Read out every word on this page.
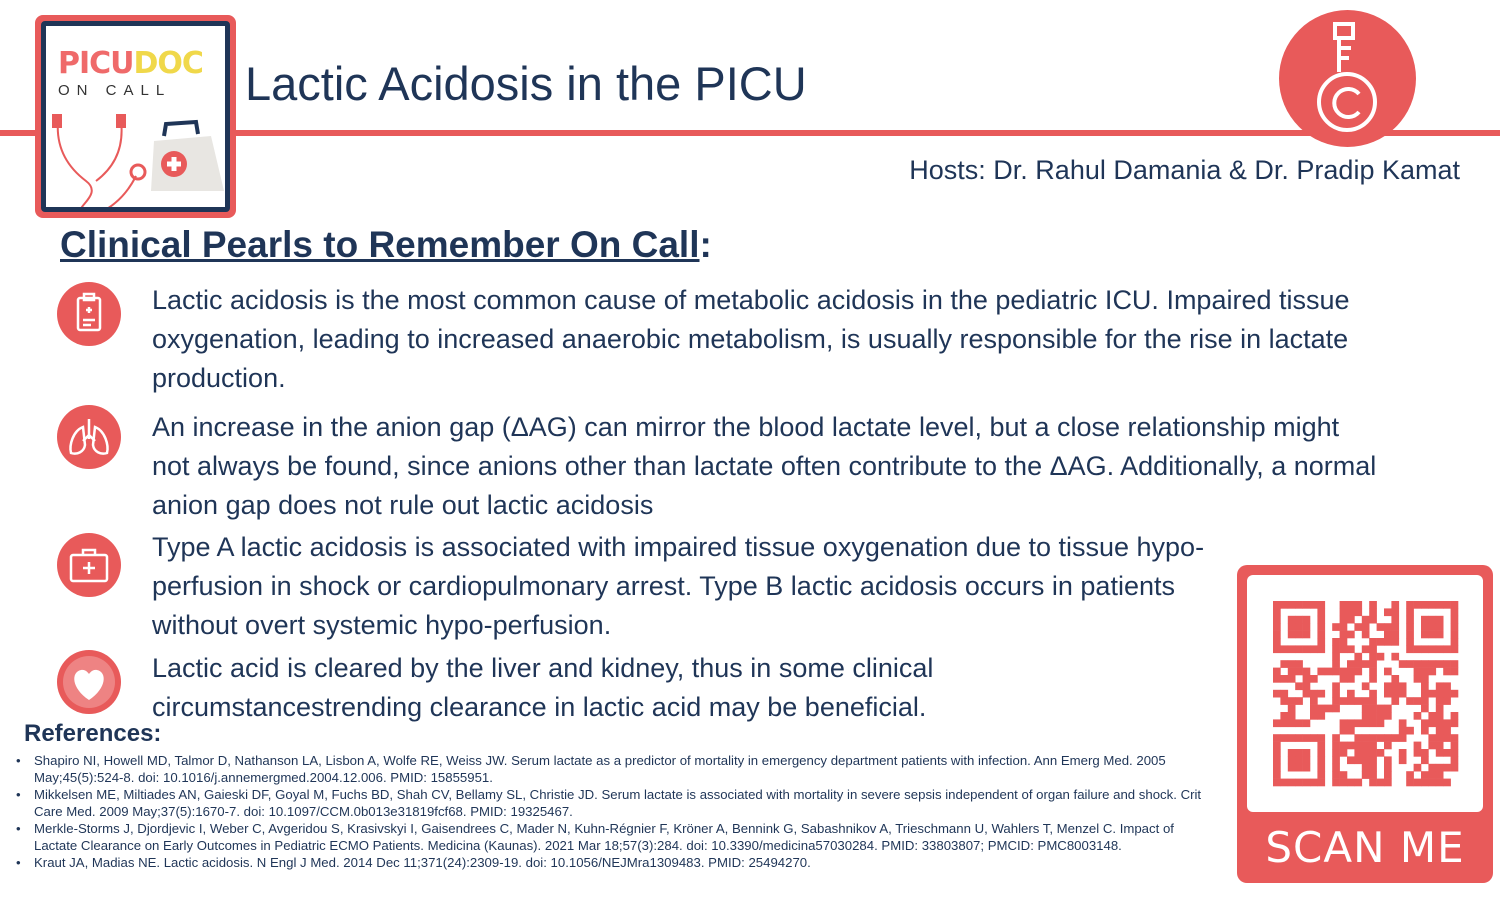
PICUDOC
ON CALL Lactic Acidosis in the PICU
Hosts: Dr. Rahul Damania & Dr. Pradip Kamat
Clinical Pearls to Remember On Call:
Lactic acidosis is the most common cause of metabolic acidosis in the pediatric ICU. Impaired tissue oxygenation, leading to increased anaerobic metabolism, is usually responsible for the rise in lactate production.
An increase in the anion gap (ΔAG) can mirror the blood lactate level, but a close relationship might not always be found, since anions other than lactate often contribute to the ΔAG. Additionally, a normal anion gap does not rule out lactic acidosis
Type A lactic acidosis is associated with impaired tissue oxygenation due to tissue hypo-perfusion in shock or cardiopulmonary arrest. Type B lactic acidosis occurs in patients without overt systemic hypo-perfusion.
Lactic acid is cleared by the liver and kidney, thus in some clinical circumstancestrending clearance in lactic acid may be beneficial.
References:
• Shapiro NI, Howell MD, Talmor D, Nathanson LA, Lisbon A, Wolfe RE, Weiss JW. Serum lactate as a predictor of mortality in emergency department patients with infection. Ann Emerg Med. 2005 May;45(5):524-8. doi: 10.1016/j.annemergmed.2004.12.006. PMID: 15855951.
• Mikkelsen ME, Miltiades AN, Gaieski DF, Goyal M, Fuchs BD, Shah CV, Bellamy SL, Christie JD. Serum lactate is associated with mortality in severe sepsis independent of organ failure and shock. Crit Care Med. 2009 May;37(5):1670-7. doi: 10.1097/CCM.0b013e31819fcf68. PMID: 19325467.
• Merkle-Storms J, Djordjevic I, Weber C, Avgeridou S, Krasivskyi I, Gaisendrees C, Mader N, Kuhn-Régnier F, Kröner A, Bennink G, Sabashnikov A, Trieschmann U, Wahlers T, Menzel C. Impact of Lactate Clearance on Early Outcomes in Pediatric ECMO Patients. Medicina (Kaunas). 2021 Mar 18;57(3):284. doi: 10.3390/medicina57030284. PMID: 33803807; PMCID: PMC8003148.
• Kraut JA, Madias NE. Lactic acidosis. N Engl J Med. 2014 Dec 11;371(24):2309-19. doi: 10.1056/NEJMra1309483. PMID: 25494270.	SCAN ME
